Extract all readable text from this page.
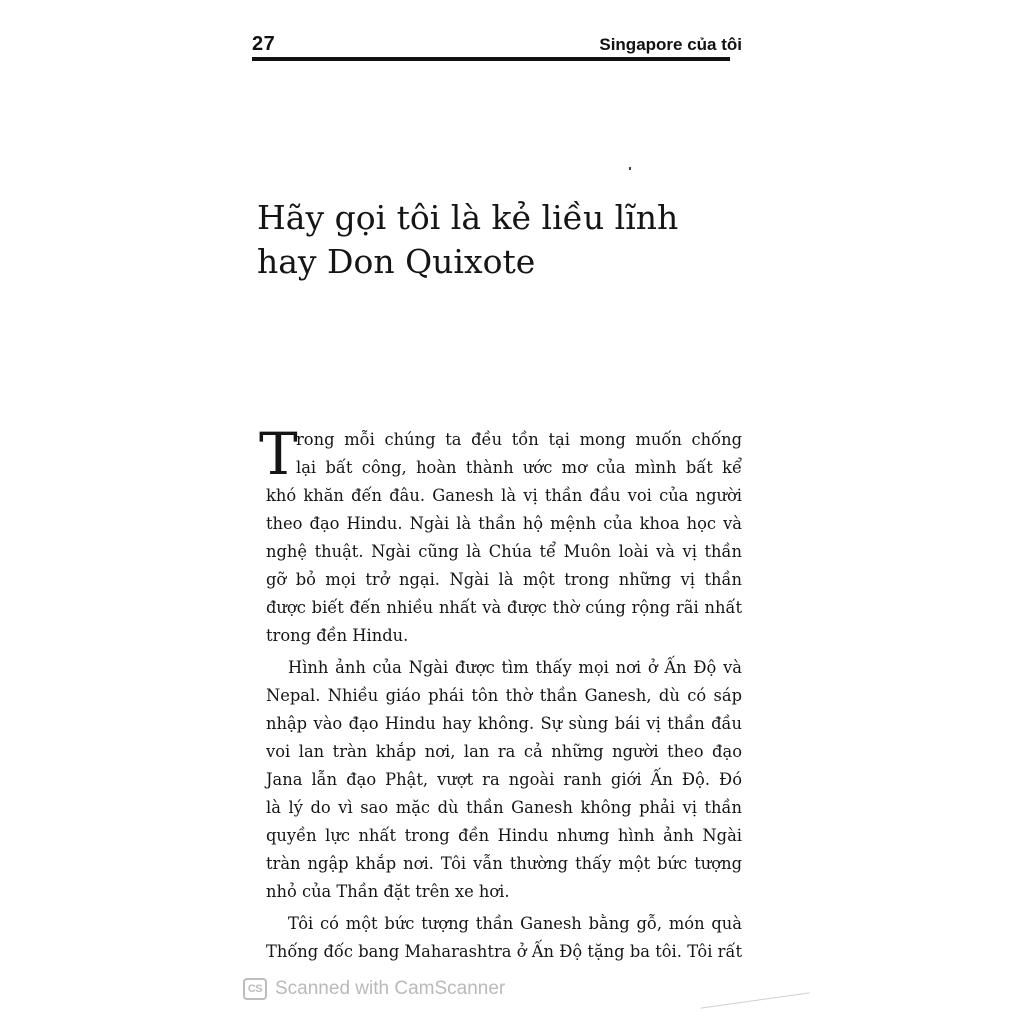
27	Singapore của tôi
Hãy gọi tôi là kẻ liều lĩnh
hay Don Quixote
T
rong mỗi chúng ta đều tồn tại mong muốn chống
lại bất công, hoàn thành ước mơ của mình bất kể
khó khăn đến đâu. Ganesh là vị thần đầu voi của người
theo đạo Hindu. Ngài là thần hộ mệnh của khoa học và
nghệ thuật. Ngài cũng là Chúa tể Muôn loài và vị thần
gỡ bỏ mọi trở ngại. Ngài là một trong những vị thần
được biết đến nhiều nhất và được thờ cúng rộng rãi nhất
trong đền Hindu.
Hình ảnh của Ngài được tìm thấy mọi nơi ở Ấn Độ và
Nepal. Nhiều giáo phái tôn thờ thần Ganesh, dù có sáp
nhập vào đạo Hindu hay không. Sự sùng bái vị thần đầu
voi lan tràn khắp nơi, lan ra cả những người theo đạo
Jana lẫn đạo Phật, vượt ra ngoài ranh giới Ấn Độ. Đó
là lý do vì sao mặc dù thần Ganesh không phải vị thần
quyền lực nhất trong đền Hindu nhưng hình ảnh Ngài
tràn ngập khắp nơi. Tôi vẫn thường thấy một bức tượng
nhỏ của Thần đặt trên xe hơi.
Tôi có một bức tượng thần Ganesh bằng gỗ, món quà
Thống đốc bang Maharashtra ở Ấn Độ tặng ba tôi. Tôi rất
CS Scanned with CamScanner
